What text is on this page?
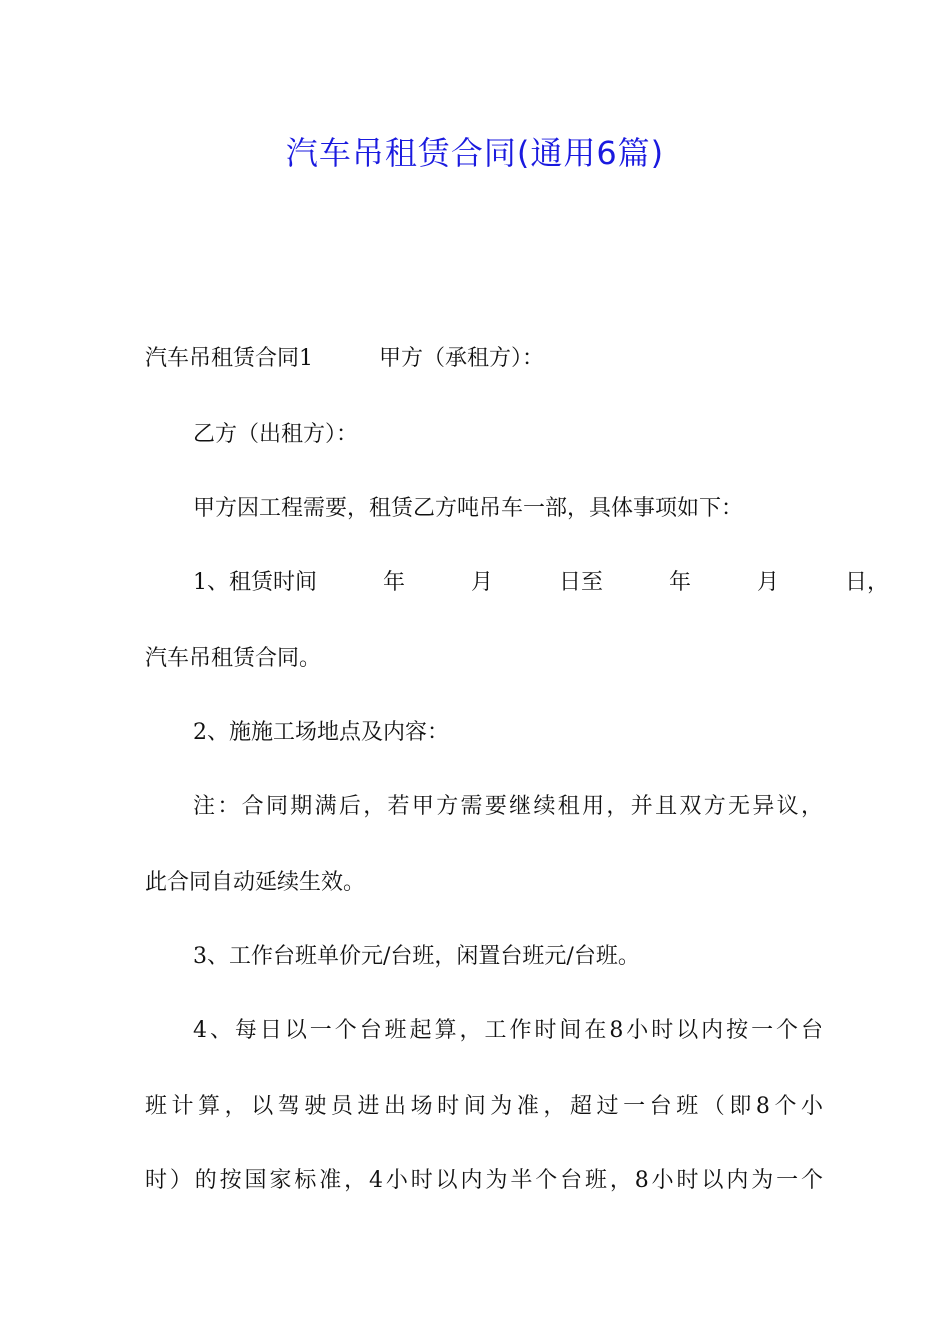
汽车吊租赁合同(通用6篇)

汽车吊租赁合同1　　　甲方（承租方）：

乙方（出租方）：

甲方因工程需要，租赁乙方吨吊车一部，具体事项如下：

1、租赁时间　　　年　　　月　　　日至　　　年　　　月　　　日，

汽车吊租赁合同。

2、施施工场地点及内容：

注：合同期满后，若甲方需要继续租用，并且双方无异议，

此合同自动延续生效。

3、工作台班单价元/台班，闲置台班元/台班。

4、每日以一个台班起算，工作时间在8小时以内按一个台

班计算，以驾驶员进出场时间为准，超过一台班（即8个小

时）的按国家标准，4小时以内为半个台班，8小时以内为一个
